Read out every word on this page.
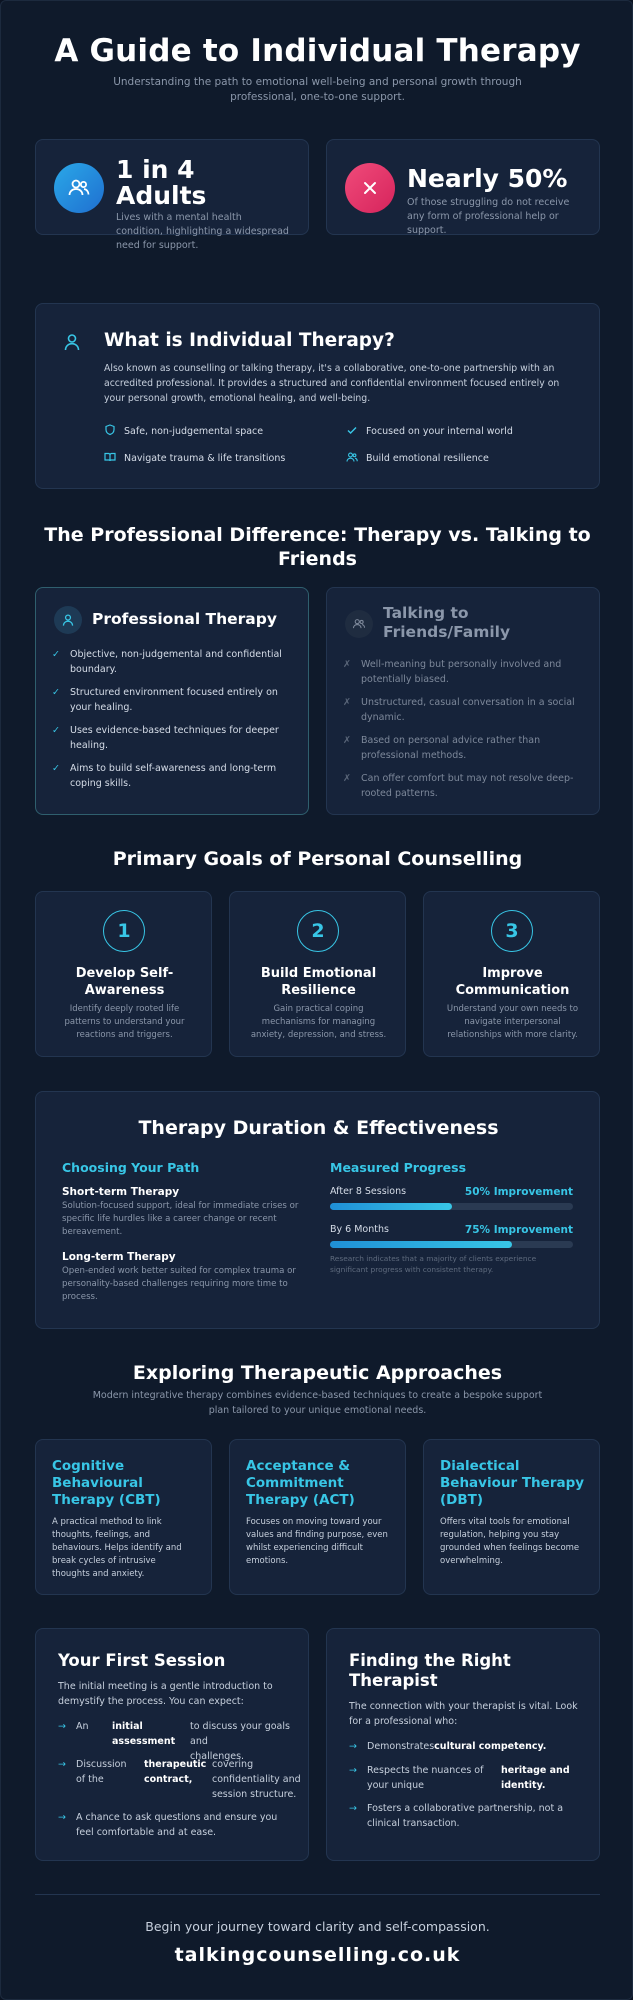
A Guide to Individual Therapy
Understanding the path to emotional well-being and personal growth through
professional, one-to-one support.
1 in 4
Adults
Lives with a mental health
condition, highlighting a widespread
need for support.
Nearly 50%
Of those struggling do not receive
any form of professional help or
support.
What is Individual Therapy?
Also known as counselling or talking therapy, it's a collaborative, one-to-one partnership with an
accredited professional. It provides a structured and confidential environment focused entirely on
your personal growth, emotional healing, and well-being.
Safe, non-judgemental space	Focused on your internal world
Navigate trauma & life transitions	Build emotional resilience
The Professional Difference: Therapy vs. Talking to
Friends
Professional Therapy
✓ Objective, non-judgemental and confidential
boundary.
✓ Structured environment focused entirely on
your healing.
✓ Uses evidence-based techniques for deeper
healing.
✓ Aims to build self-awareness and long-term
coping skills.
Talking to
Friends/Family
✗ Well-meaning but personally involved and
potentially biased.
✗ Unstructured, casual conversation in a social
dynamic.
✗ Based on personal advice rather than
professional methods.
✗ Can offer comfort but may not resolve deep-
rooted patterns.
Primary Goals of Personal Counselling
1
Develop Self-
Awareness
Identify deeply rooted life
patterns to understand your
reactions and triggers.
2
Build Emotional
Resilience
Gain practical coping
mechanisms for managing
anxiety, depression, and stress.
3
Improve
Communication
Understand your own needs to
navigate interpersonal
relationships with more clarity.
Therapy Duration & Effectiveness
Choosing Your Path
Short-term Therapy
Solution-focused support, ideal for immediate crises or
specific life hurdles like a career change or recent
bereavement.
Long-term Therapy
Open-ended work better suited for complex trauma or
personality-based challenges requiring more time to
process.
Measured Progress
After 8 Sessions	50% Improvement
By 6 Months	75% Improvement
Research indicates that a majority of clients experience
significant progress with consistent therapy.
Exploring Therapeutic Approaches
Modern integrative therapy combines evidence-based techniques to create a bespoke support
plan tailored to your unique emotional needs.
Cognitive
Behavioural
Therapy (CBT)
A practical method to link
thoughts, feelings, and
behaviours. Helps identify and
break cycles of intrusive
thoughts and anxiety.
Acceptance &
Commitment
Therapy (ACT)
Focuses on moving toward your
values and finding purpose, even
whilst experiencing difficult
emotions.
Dialectical
Behaviour Therapy
(DBT)
Offers vital tools for emotional
regulation, helping you stay
grounded when feelings become
overwhelming.
Your First Session
The initial meeting is a gentle introduction to
demystify the process. You can expect:
→	An	initial
assessment
to discuss your goals and
challenges.
→	Discussion
of the
therapeutic
contract,
covering
confidentiality and
session structure.
→	A chance to ask questions and ensure you
feel comfortable and at ease.
Finding the Right
Therapist
The connection with your therapist is vital. Look
for a professional who:
→	Demonstrates cultural competency.
→	Respects the nuances of
your unique
heritage and
identity.
→	Fosters a collaborative partnership, not a
clinical transaction.
Begin your journey toward clarity and self-compassion.
talkingcounselling.co.uk
